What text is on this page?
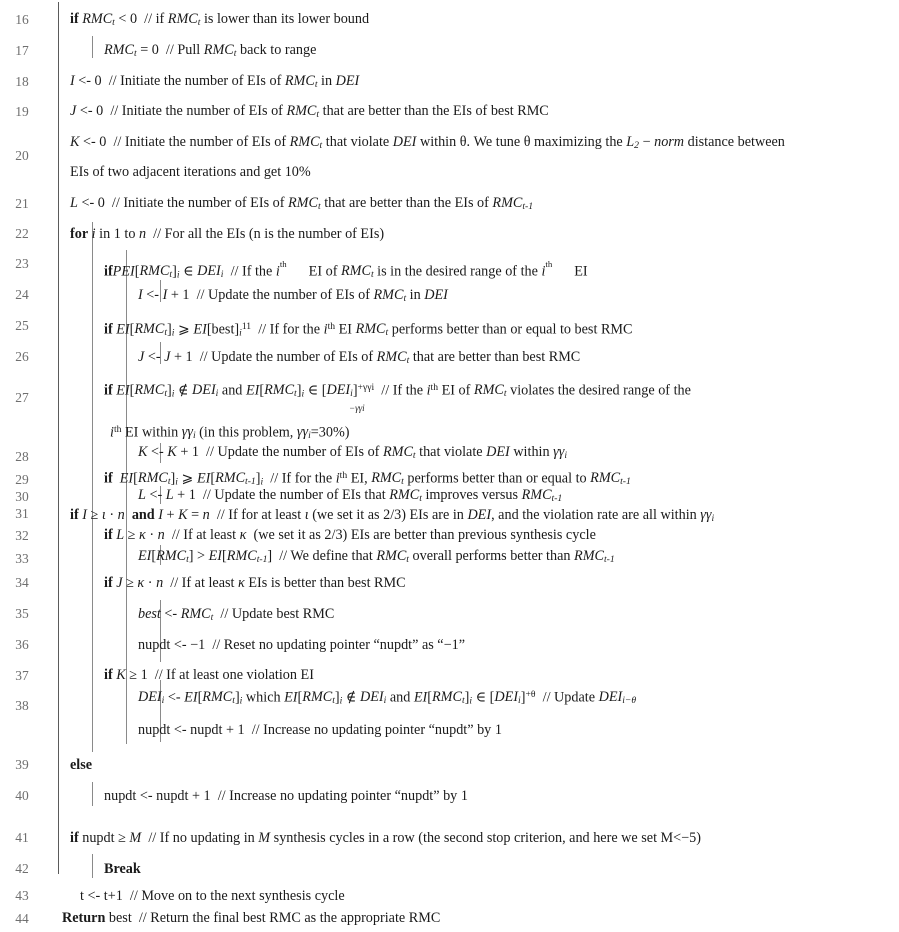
16
17
18
19
20
21
22
23
24
25
26
27
28
29
30
31
32
33
34
35
36
37
38
39
40
41
42
43
44
if $RMC_t < 0$  // if $RMC_t$ is lower than its lower bound
$RMC_t = 0$  // Pull $RMC_t$ back to range
I <- 0  // Initiate the number of EIs of $RMC_t$ in DEI
J <- 0  // Initiate the number of EIs of $RMC_t$ that are better than the EIs of best RMC
K <- 0  // Initiate the number of EIs of $RMC_t$ that violate DEI within θ. We tune θ maximizing the $L_2$ − norm distance between
EIs of two adjacent iterations and get 10%
L <- 0  // Initiate the number of EIs of $RMC_t$ that are better than the EIs of $RMC_{t-1}$
for i in 1 to n  // For all the EIs (n is the number of EIs)
$ifPEI[RMC_t]_i$ ∈ $DEI_i$  // If the $i^{th}$ EI of $RMC_t$ is in the desired range of the $i^{th}$ EI
I <- I + 1  // Update the number of EIs of $RMC_t$ in DEI
if $EI[RMC_t]_i$ ⩾ $EI[best]_i^{11}$  // If for the $i^{th}$ EI $RMC_t$ performs better than or equal to best RMC
J <- J + 1  // Update the number of EIs of $RMC_t$ that are better than best RMC
if $EI[RMC_t]_i$ ∉ $DEI_i$ and $EI[RMC_t]_i$ ∈ $[DEI_i]^{+\gamma\gamma i}$  // If the $i^{th}$ EI of $RMC_t$ violates the desired range of the
−γγi
$i^{th}$ EI within $\gamma\gamma_i$ (in this problem, $\gamma\gamma_i=30\%$)
K <- K + 1  // Update the number of EIs of $RMC_t$ that violate DEI within $\gamma\gamma_i$
if $EI[RMC_t]_i$ ⩾ $EI[RMC_{t-1}]_i$  // If for the $i^{th}$ EI, $RMC_t$ performs better than or equal to $RMC_{t-1}$
L <- L + 1  // Update the number of EIs that $RMC_t$ improves versus $RMC_{t-1}$
if I ≥ ι · n and I + K = n  // If for at least ι (we set it as 2/3) EIs are in DEI, and the violation rate are all within $\gamma\gamma_i$
if L ≥ κ · n  // If at least κ  (we set it as 2/3) EIs are better than previous synthesis cycle
$EI[RMC_t] > EI[RMC_{t-1}] // We$ define that $RMC_t$ overall performs better than $RMC_{t-1}$
if J ≥ κ · n  // If at least κ EIs is better than best RMC
best <- $RMC_t$  // Update best RMC
nupdt <- −1  // Reset no updating pointer “nupdt” as “−1”
if K ≥ 1  // If at least one violation EI
$DEI_i <- EI[RMC_t]_i$ which $EI[RMC_t]_i$ ∉ $DEI_i$ and $EI[RMC_t]_i$ ∈ $[DEI_i]^{+\theta}$  // Update $DEI_{i-\theta}$
nupdt <- nupdt + 1  // Increase no updating pointer “nupdt” by 1
else
nupdt <- nupdt + 1  // Increase no updating pointer “nupdt” by 1
if nupdt ≥ M  // If no updating in M synthesis cycles in a row (the second stop criterion, and here we set M<−5)
Break
t <- t+1  // Move on to the next synthesis cycle
Return best  // Return the final best RMC as the appropriate RMC
